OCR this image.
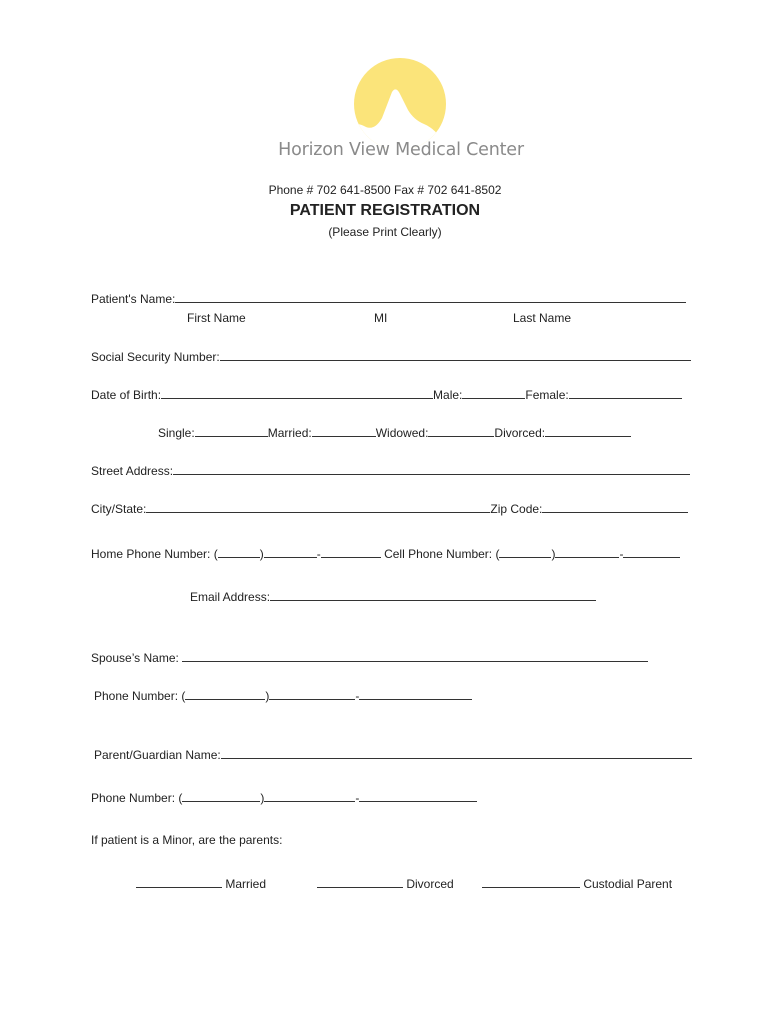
Horizon View Medical Center
Phone # 702 641-8500 Fax # 702 641-8502
PATIENT REGISTRATION
(Please Print Clearly)
Patient's Name:
First Name	MI	Last Name
Social Security Number:
Date of Birth:	Male:	Female:
Single:	Married:	Widowed:	Divorced:
Street Address:
City/State:	Zip Code:
Home Phone Number: (	)	-	Cell Phone Number: (	)	-
Email Address:
Spouse’s Name:
Phone Number: (	)	-
Parent/Guardian Name:
Phone Number: (	)	-
If patient is a Minor, are the parents:
Married	Divorced	Custodial Parent
